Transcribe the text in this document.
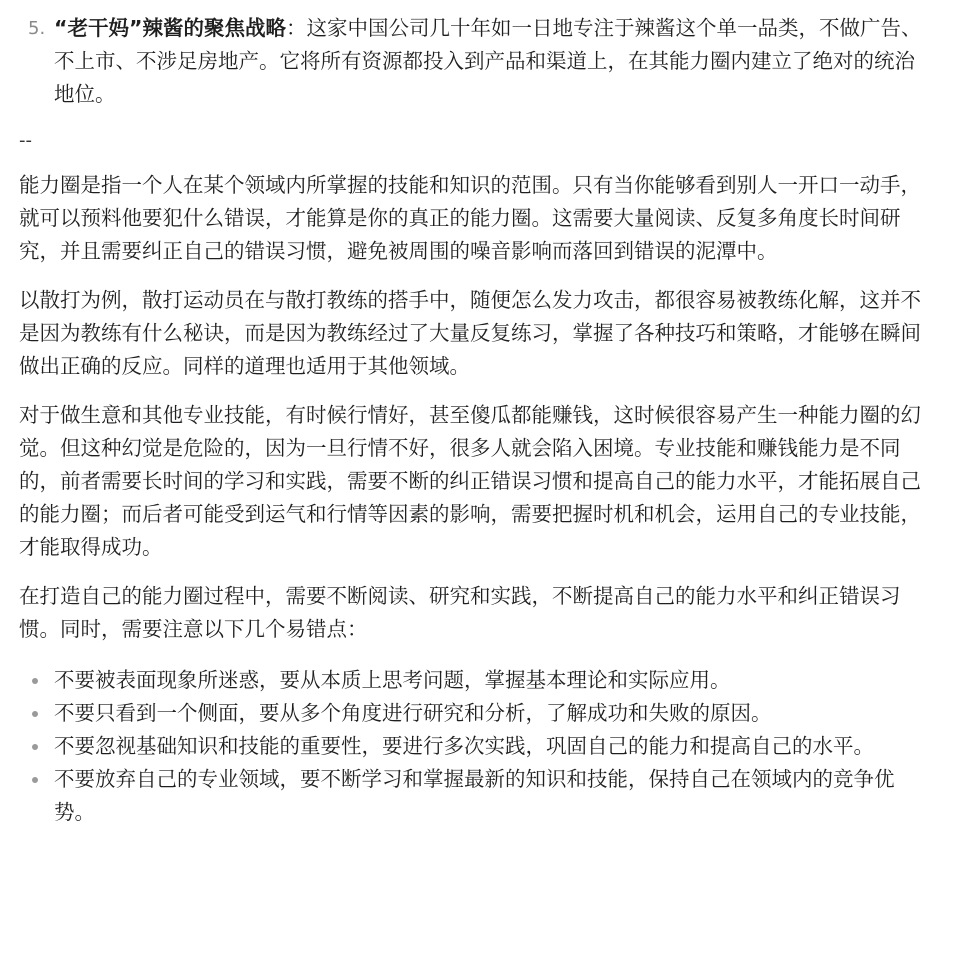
5. “老干妈”辣酱的聚焦战略：这家中国公司几十年如一日地专注于辣酱这个单一品类，不做广告、不上市、不涉足房地产。它将所有资源都投入到产品和渠道上，在其能力圈内建立了绝对的统治地位。
--

能力圈是指一个人在某个领域内所掌握的技能和知识的范围。只有当你能够看到别人一开口一动手，就可以预料他要犯什么错误，才能算是你的真正的能力圈。这需要大量阅读、反复多角度长时间研究，并且需要纠正自己的错误习惯，避免被周围的噪音影响而落回到错误的泥潭中。

以散打为例，散打运动员在与散打教练的搭手中，随便怎么发力攻击，都很容易被教练化解，这并不是因为教练有什么秘诀，而是因为教练经过了大量反复练习，掌握了各种技巧和策略，才能够在瞬间做出正确的反应。同样的道理也适用于其他领域。

对于做生意和其他专业技能，有时候行情好，甚至傻瓜都能赚钱，这时候很容易产生一种能力圈的幻觉。但这种幻觉是危险的，因为一旦行情不好，很多人就会陷入困境。专业技能和赚钱能力是不同的，前者需要长时间的学习和实践，需要不断的纠正错误习惯和提高自己的能力水平，才能拓展自己的能力圈；而后者可能受到运气和行情等因素的影响，需要把握时机和机会，运用自己的专业技能，才能取得成功。

在打造自己的能力圈过程中，需要不断阅读、研究和实践，不断提高自己的能力水平和纠正错误习惯。同时，需要注意以下几个易错点：

不要被表面现象所迷惑，要从本质上思考问题，掌握基本理论和实际应用。
不要只看到一个侧面，要从多个角度进行研究和分析，了解成功和失败的原因。
不要忽视基础知识和技能的重要性，要进行多次实践，巩固自己的能力和提高自己的水平。
不要放弃自己的专业领域，要不断学习和掌握最新的知识和技能，保持自己在领域内的竞争优势。
